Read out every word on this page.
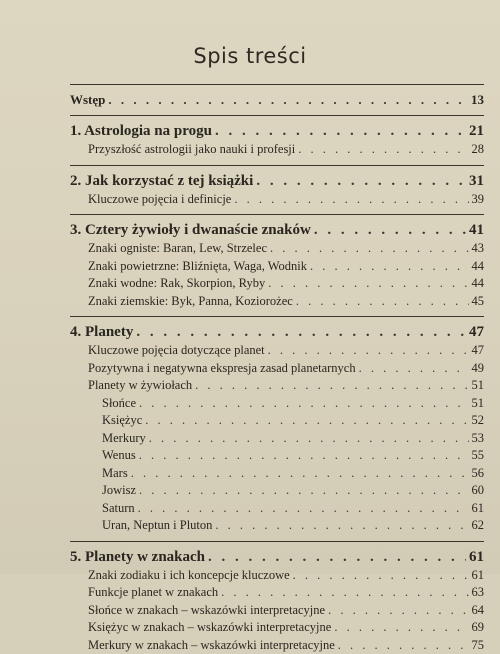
Spis treści
Wstęp . . .	13
1. Astrologia na progu . . .	21
Przyszłość astrologii jako nauki i profesji . . .	28
2. Jak korzystać z tej książki . . .	31
Kluczowe pojęcia i definicje . . .	39
3. Cztery żywioły i dwanaście znaków . . .	41
Znaki ogniste: Baran, Lew, Strzelec . . .	43
Znaki powietrzne: Bliźnięta, Waga, Wodnik . . .	44
Znaki wodne: Rak, Skorpion, Ryby . . .	44
Znaki ziemskie: Byk, Panna, Koziorożec . . .	45
4. Planety . . .	47
Kluczowe pojęcia dotyczące planet . . .	47
Pozytywna i negatywna ekspresja zasad planetarnych . . .	49
Planety w żywiołach . . .	51
Słońce . . .	51
Księżyc . . .	52
Merkury . . .	53
Wenus . . .	55
Mars . . .	56
Jowisz . . .	60
Saturn . . .	61
Uran, Neptun i Pluton . . .	62
5. Planety w znakach . . .	61
Znaki zodiaku i ich koncepcje kluczowe . . .	61
Funkcje planet w znakach . . .	63
Słońce w znakach – wskazówki interpretacyjne . . .	64
Księżyc w znakach – wskazówki interpretacyjne . . .	69
Merkury w znakach – wskazówki interpretacyjne . . .	75
